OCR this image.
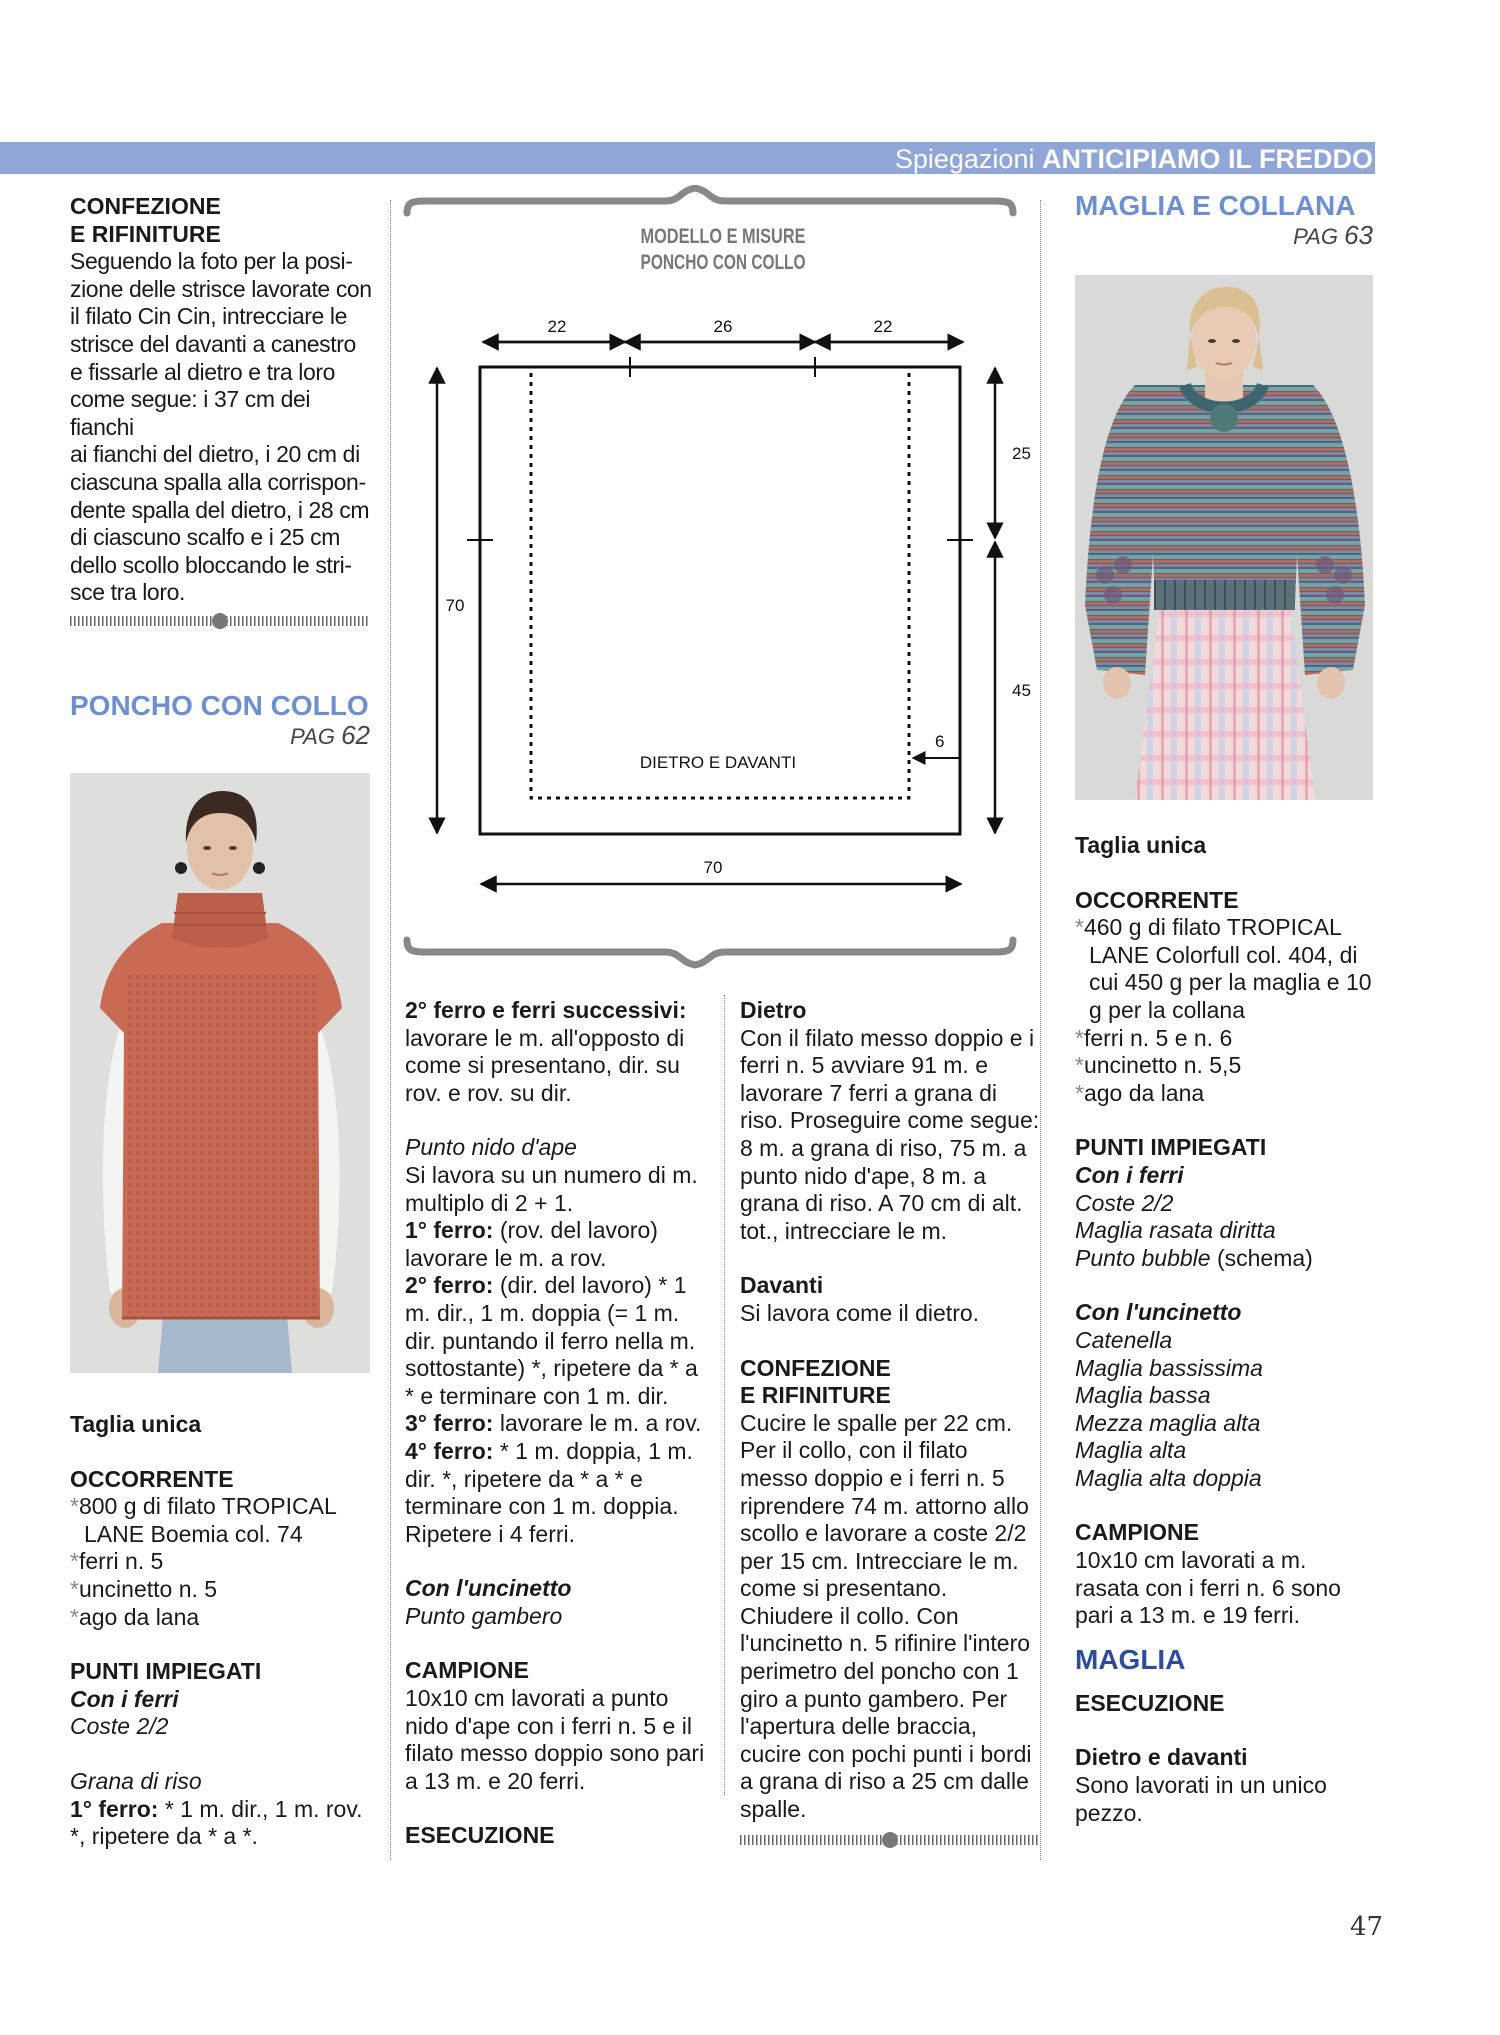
Spiegazioni ANTICIPIAMO IL FREDDO

CONFEZIONE

E RIFINITURE

Seguendo la foto per la posi-

zione delle strisce lavorate con

il filato Cin Cin, intrecciare le

strisce del davanti a canestro

e fissarle al dietro e tra loro

come segue: i 37 cm dei fianchi

ai fianchi del dietro, i 20 cm di

ciascuna spalla alla corrispon-

dente spalla del dietro, i 28 cm

di ciascuno scalfo e i 25 cm

dello scollo bloccando le stri-

sce tra loro.

PONCHO CON COLLO

PAG 62

Taglia unica

OCCORRENTE

*800 g di filato TROPICAL LANE Boemia col. 74

*ferri n. 5

*uncinetto n. 5

*ago da lana

PUNTI IMPIEGATI

Con i ferri

Coste 2/2

Grana di riso

1° ferro: * 1 m. dir., 1 m. rov. *, ripetere da * a *.

MODELLO E MISURE
PONCHO CON COLLO
22	26	22
70
25
45
6
DIETRO E DAVANTI
70

2° ferro e ferri successivi: lavorare le m. all'opposto di come si presentano, dir. su rov. e rov. su dir.

Punto nido d'ape

Si lavora su un numero di m. multiplo di 2 + 1.

1° ferro: (rov. del lavoro) lavorare le m. a rov.

2° ferro: (dir. del lavoro) * 1 m. dir., 1 m. doppia (= 1 m. dir. puntando il ferro nella m. sottostante) *, ripetere da * a * e terminare con 1 m. dir.

3° ferro: lavorare le m. a rov.

4° ferro: * 1 m. doppia, 1 m. dir. *, ripetere da * a * e terminare con 1 m. doppia.

Ripetere i 4 ferri.

Con l'uncinetto

Punto gambero

CAMPIONE

10x10 cm lavorati a punto nido d'ape con i ferri n. 5 e il filato messo doppio sono pari a 13 m. e 20 ferri.

ESECUZIONE

Dietro

Con il filato messo doppio e i ferri n. 5 avviare 91 m. e lavorare 7 ferri a grana di riso. Proseguire come segue: 8 m. a grana di riso, 75 m. a punto nido d'ape, 8 m. a grana di riso. A 70 cm di alt. tot., intrecciare le m.

Davanti

Si lavora come il dietro.

CONFEZIONE

E RIFINITURE

Cucire le spalle per 22 cm. Per il collo, con il filato messo doppio e i ferri n. 5 riprendere 74 m. attorno allo scollo e lavorare a coste 2/2 per 15 cm. Intrecciare le m. come si presentano. Chiudere il collo. Con l'uncinetto n. 5 rifinire l'intero perimetro del poncho con 1 giro a punto gambero. Per l'apertura delle braccia, cucire con pochi punti i bordi a grana di riso a 25 cm dalle spalle.

MAGLIA E COLLANA

PAG 63

Taglia unica

OCCORRENTE

*460 g di filato TROPICAL LANE Colorfull col. 404, di cui 450 g per la maglia e 10 g per la collana

*ferri n. 5 e n. 6

*uncinetto n. 5,5

*ago da lana

PUNTI IMPIEGATI

Con i ferri

Coste 2/2

Maglia rasata diritta

Punto bubble (schema)

Con l'uncinetto

Catenella

Maglia bassissima

Maglia bassa

Mezza maglia alta

Maglia alta

Maglia alta doppia

CAMPIONE

10x10 cm lavorati a m. rasata con i ferri n. 6 sono pari a 13 m. e 19 ferri.

MAGLIA

ESECUZIONE

Dietro e davanti

Sono lavorati in un unico pezzo.

47
